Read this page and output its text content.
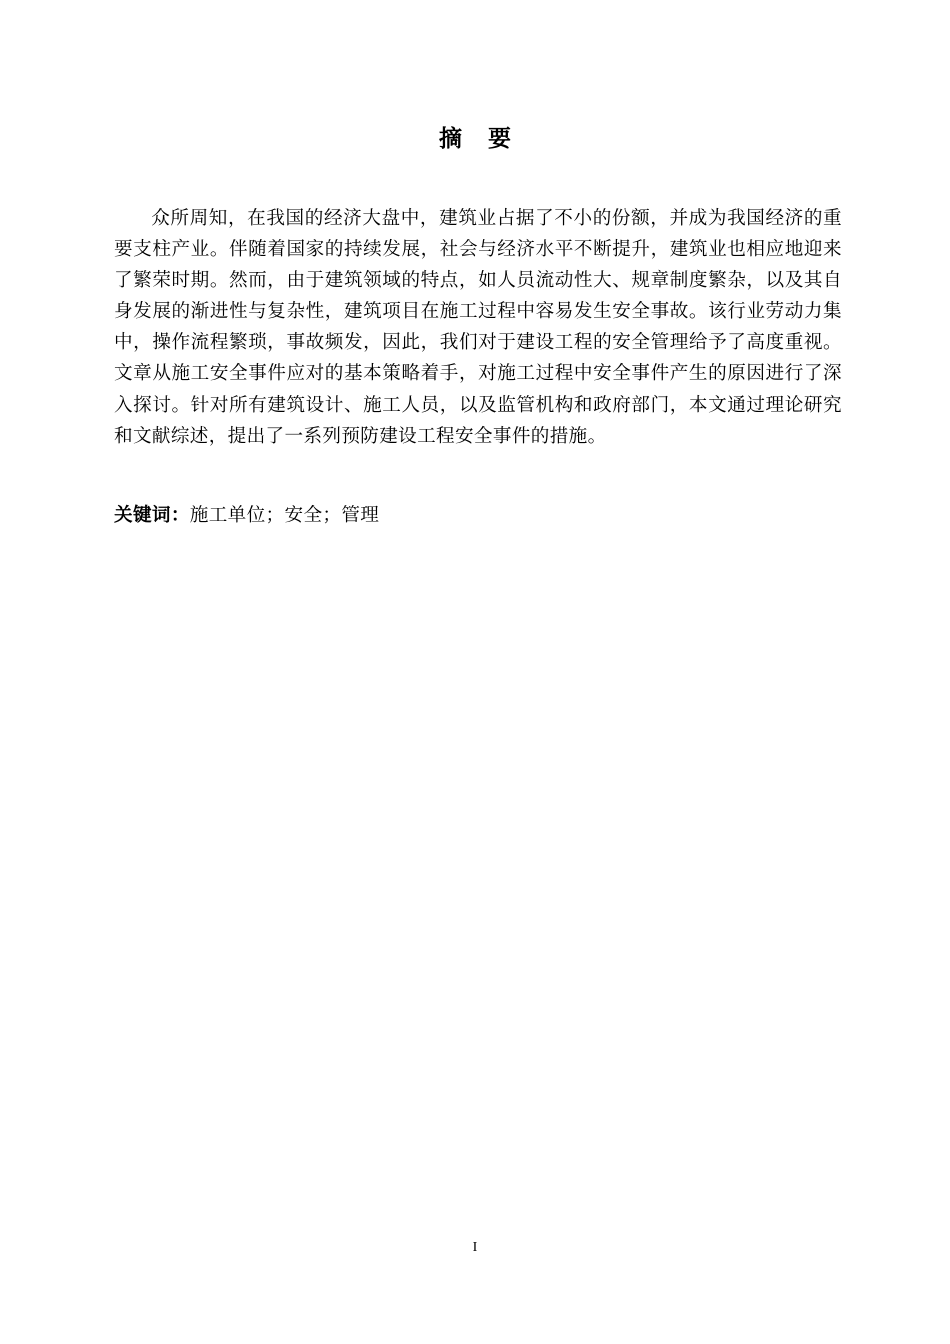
摘 要

众所周知，在我国的经济大盘中，建筑业占据了不小的份额，并成为我国经济的重要支柱产业。伴随着国家的持续发展，社会与经济水平不断提升，建筑业也相应地迎来了繁荣时期。然而，由于建筑领域的特点，如人员流动性大、规章制度繁杂，以及其自身发展的渐进性与复杂性，建筑项目在施工过程中容易发生安全事故。该行业劳动力集中，操作流程繁琐，事故频发，因此，我们对于建设工程的安全管理给予了高度重视。文章从施工安全事件应对的基本策略着手，对施工过程中安全事件产生的原因进行了深入探讨。针对所有建筑设计、施工人员，以及监管机构和政府部门，本文通过理论研究和文献综述，提出了一系列预防建设工程安全事件的措施。

关键词：施工单位；安全；管理

I
